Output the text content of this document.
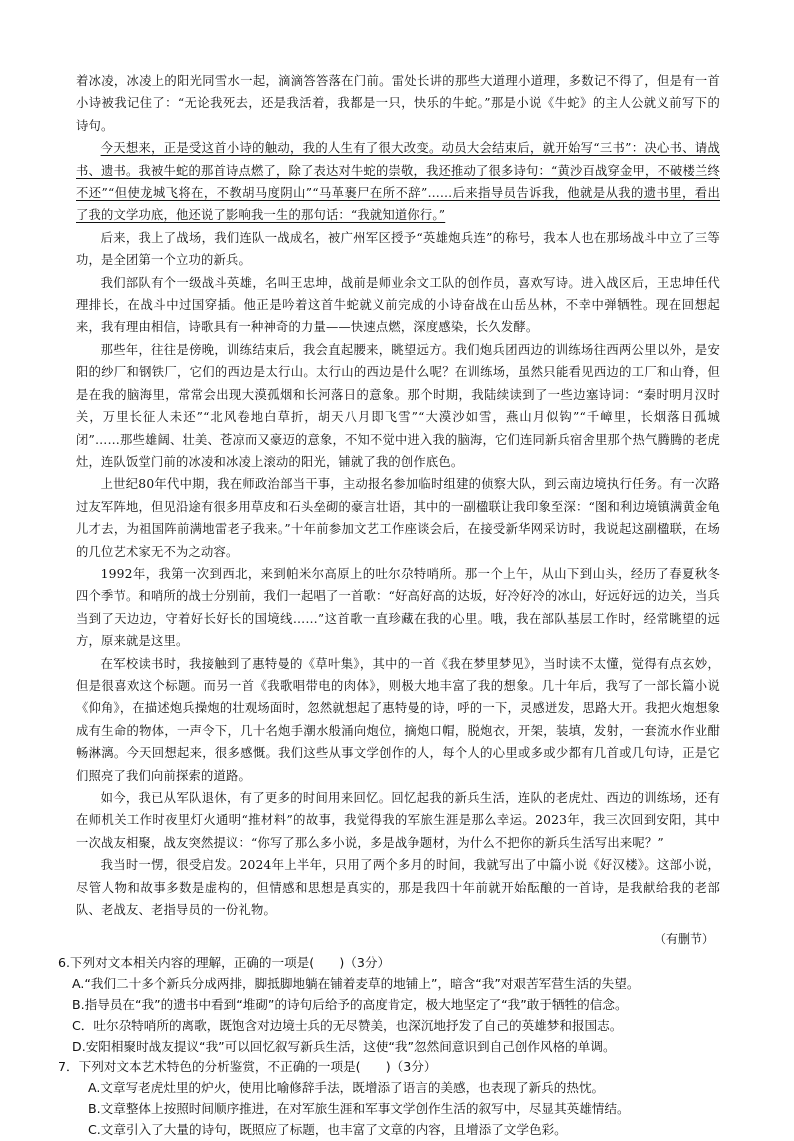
着冰凌，冰凌上的阳光同雪水一起，滴滴答答落在门前。雷处长讲的那些大道理小道理，多数记不得了，但是有一首小诗被我记住了：“无论我死去，还是我活着，我都是一只，快乐的牛蛇。”那是小说《牛蛇》的主人公就义前写下的诗句。

今天想来，正是受这首小诗的触动，我的人生有了很大改变。动员大会结束后，就开始写“三书”：决心书、请战书、遗书。我被牛蛇的那首诗点燃了，除了表达对牛蛇的崇敬，我还推动了很多诗句：“黄沙百战穿金甲，不破楼兰终不还”“但使龙城飞将在，不教胡马度阴山”“马革裹尸在所不辞”……后来指导员告诉我，他就是从我的遗书里，看出了我的文学功底，他还说了影响我一生的那句话：“我就知道你行。”

后来，我上了战场，我们连队一战成名，被广州军区授予“英雄炮兵连”的称号，我本人也在那场战斗中立了三等功，是全团第一个立功的新兵。

我们部队有个一级战斗英雄，名叫王忠坤，战前是师业余文工队的创作员，喜欢写诗。进入战区后，王忠坤任代理排长，在战斗中过国穿插。他正是吟着这首牛蛇就义前完成的小诗奋战在山岳丛林，不幸中弹牺牲。现在回想起来，我有理由相信，诗歌具有一种神奇的力量——快速点燃，深度感染，长久发酵。

那些年，往往是傍晚，训练结束后，我会直起腰来，眺望远方。我们炮兵团西边的训练场往西两公里以外，是安阳的纱厂和钢铁厂，它们的西边是太行山。太行山的西边是什么呢？在训练场，虽然只能看见西边的工厂和山脊，但是在我的脑海里，常常会出现大漠孤烟和长河落日的意象。那个时期，我陆续读到了一些边塞诗词：“秦时明月汉时关，万里长征人未还”“北风卷地白草折，胡天八月即飞雪”“大漠沙如雪，燕山月似钩”“千嶂里，长烟落日孤城闭”……那些雄阔、壮美、苍凉而又豪迈的意象，不知不觉中进入我的脑海，它们连同新兵宿舍里那个热气腾腾的老虎灶，连队饭堂门前的冰凌和冰凌上滚动的阳光，铺就了我的创作底色。

上世纪80年代中期，我在师政治部当干事，主动报名参加临时组建的侦察大队，到云南边境执行任务。有一次路过友军阵地，但见沿途有很多用草皮和石头垒砌的豪言壮语，其中的一副楹联让我印象至深：“图和利边境镇满黄金龟儿才去，为祖国阵前满地雷老子我来。”十年前参加文艺工作座谈会后，在接受新华网采访时，我说起这副楹联，在场的几位艺术家无不为之动容。

1992年，我第一次到西北，来到帕米尔高原上的吐尔尕特哨所。那一个上午，从山下到山头，经历了春夏秋冬四个季节。和哨所的战士分别前，我们一起唱了一首歌：“好高好高的达坂，好冷好冷的冰山，好远好远的边关，当兵当到了天边边，守着好长好长的国境线……”这首歌一直珍藏在我的心里。哦，我在部队基层工作时，经常眺望的远方，原来就是这里。

在军校读书时，我接触到了惠特曼的《草叶集》，其中的一首《我在梦里梦见》，当时读不太懂，觉得有点玄妙，但是很喜欢这个标题。而另一首《我歌唱带电的肉体》，则极大地丰富了我的想象。几十年后，我写了一部长篇小说《仰角》，在描述炮兵操炮的壮观场面时，忽然就想起了惠特曼的诗，呼的一下，灵感迸发，思路大开。我把火炮想象成有生命的物体，一声令下，几十名炮手潮水般涌向炮位，摘炮口帽，脱炮衣，开架，装填，发射，一套流水作业酣畅淋漓。今天回想起来，很多感慨。我们这些从事文学创作的人，每个人的心里或多或少都有几首或几句诗，正是它们照亮了我们向前探索的道路。

如今，我已从军队退休，有了更多的时间用来回忆。回忆起我的新兵生活，连队的老虎灶、西边的训练场，还有在师机关工作时夜里灯火通明“推材料”的故事，我觉得我的军旅生涯是那么幸运。2023年，我三次回到安阳，其中一次战友相聚，战友突然提议：“你写了那么多小说，多是战争题材，为什么不把你的新兵生活写出来呢？”

我当时一愣，很受启发。2024年上半年，只用了两个多月的时间，我就写出了中篇小说《好汉楼》。这部小说，尽管人物和故事多数是虚构的，但情感和思想是真实的，那是我四十年前就开始酝酿的一首诗，是我献给我的老部队、老战友、老指导员的一份礼物。

（有删节）

6.下列对文本相关内容的理解，正确的一项是(　　)（3分）

A.“我们二十多个新兵分成两排，脚抵脚地躺在铺着麦草的地铺上”，暗含“我”对艰苦军营生活的失望。

B.指导员在“我”的遗书中看到“堆砌”的诗句后给予的高度肯定，极大地坚定了“我”敢于牺牲的信念。

C．吐尔尕特哨所的离歌，既饱含对边境士兵的无尽赞美，也深沉地抒发了自己的英雄梦和报国志。

D.安阳相聚时战友提议“我”可以回忆叙写新兵生活，这使“我”忽然间意识到自己创作风格的单调。

7．下列对文本艺术特色的分析鉴赏，不正确的一项是(　　)（3分）

A.文章写老虎灶里的炉火，使用比喻修辞手法，既增添了语言的美感，也表现了新兵的热忱。

B.文章整体上按照时间顺序推进，在对军旅生涯和军事文学创作生活的叙写中，尽显其英雄情结。

C.文章引入了大量的诗句，既照应了标题，也丰富了文章的内容，且增添了文学色彩。
